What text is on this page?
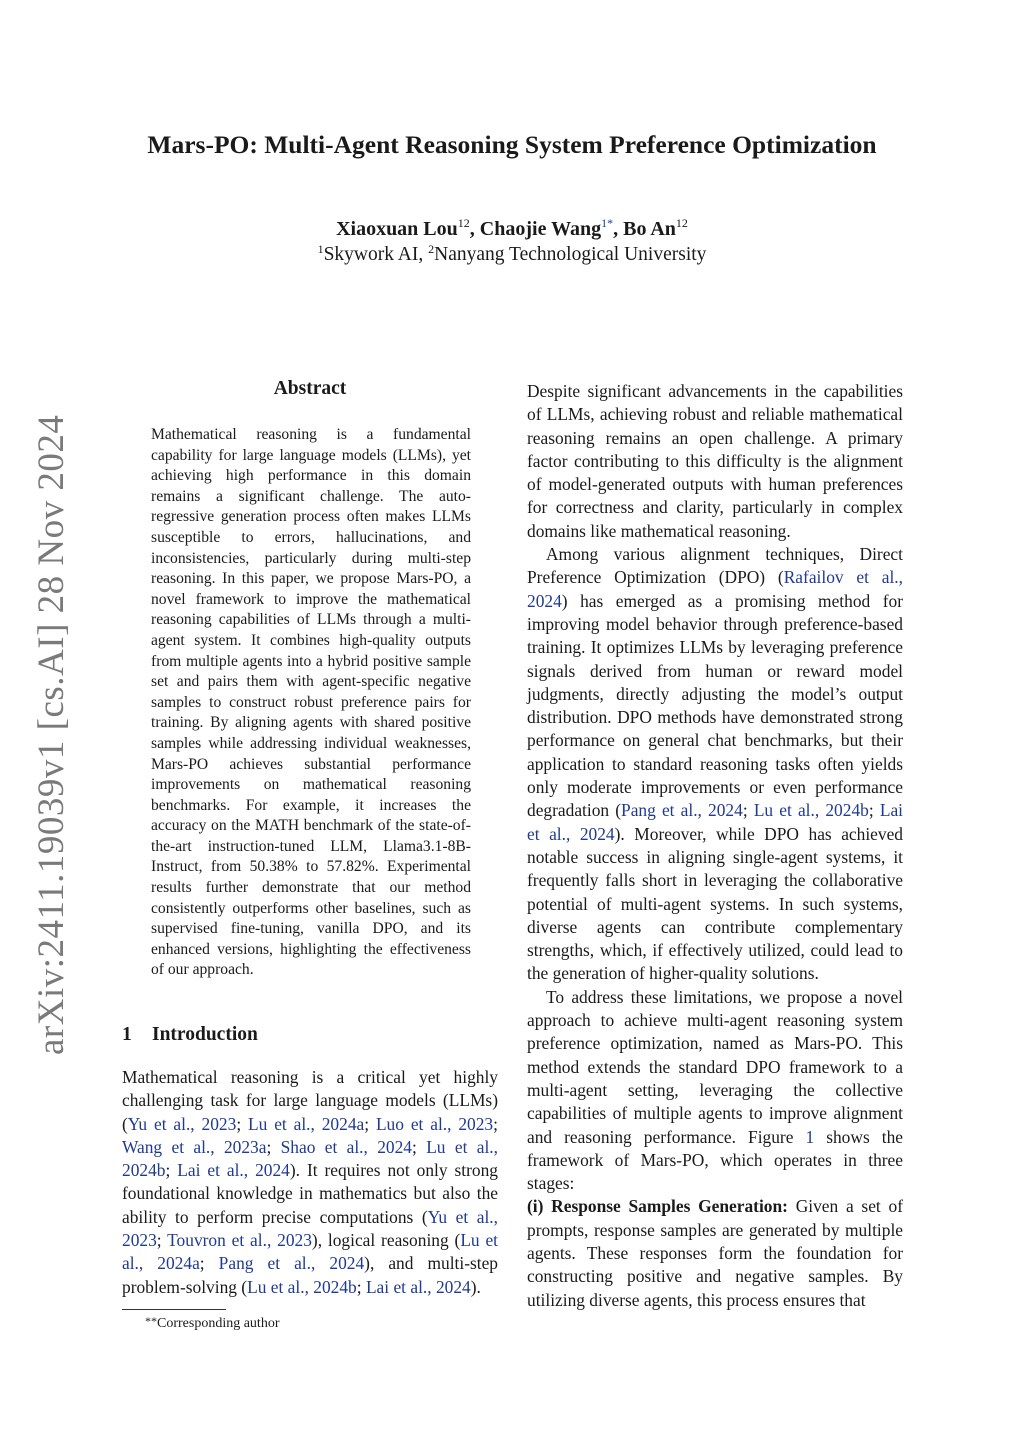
arXiv:2411.19039v1 [cs.AI] 28 Nov 2024
Mars-PO: Multi-Agent Reasoning System Preference Optimization
Xiaoxuan Lou$^{12}$, Chaojie Wang$^{1*}$, Bo An$^{12}$
$^1$Skywork AI, $^2$Nanyang Technological University
Abstract
Mathematical reasoning is a fundamental capability for large language models (LLMs), yet achieving high performance in this domain remains a significant challenge. The auto-regressive generation process often makes LLMs susceptible to errors, hallucinations, and inconsistencies, particularly during multi-step reasoning. In this paper, we propose Mars-PO, a novel framework to improve the mathematical reasoning capabilities of LLMs through a multi-agent system. It combines high-quality outputs from multiple agents into a hybrid positive sample set and pairs them with agent-specific negative samples to construct robust preference pairs for training. By aligning agents with shared positive samples while addressing individual weaknesses, Mars-PO achieves substantial performance improvements on mathematical reasoning benchmarks. For example, it increases the accuracy on the MATH benchmark of the state-of-the-art instruction-tuned LLM, Llama3.1-8B-Instruct, from 50.38% to 57.82%. Experimental results further demonstrate that our method consistently outperforms other baselines, such as supervised fine-tuning, vanilla DPO, and its enhanced versions, highlighting the effectiveness of our approach.
1 Introduction
Mathematical reasoning is a critical yet highly challenging task for large language models (LLMs) (Yu et al., 2023; Lu et al., 2024a; Luo et al., 2023; Wang et al., 2023a; Shao et al., 2024; Lu et al., 2024b; Lai et al., 2024). It requires not only strong foundational knowledge in mathematics but also the ability to perform precise computations (Yu et al., 2023; Touvron et al., 2023), logical reasoning (Lu et al., 2024a; Pang et al., 2024), and multi-step problem-solving (Lu et al., 2024b; Lai et al., 2024).
**Corresponding author

Despite significant advancements in the capabilities of LLMs, achieving robust and reliable mathematical reasoning remains an open challenge. A primary factor contributing to this difficulty is the alignment of model-generated outputs with human preferences for correctness and clarity, particularly in complex domains like mathematical reasoning.

Among various alignment techniques, Direct Preference Optimization (DPO) (Rafailov et al., 2024) has emerged as a promising method for improving model behavior through preference-based training. It optimizes LLMs by leveraging preference signals derived from human or reward model judgments, directly adjusting the model’s output distribution. DPO methods have demonstrated strong performance on general chat benchmarks, but their application to standard reasoning tasks often yields only moderate improvements or even performance degradation (Pang et al., 2024; Lu et al., 2024b; Lai et al., 2024). Moreover, while DPO has achieved notable success in aligning single-agent systems, it frequently falls short in leveraging the collaborative potential of multi-agent systems. In such systems, diverse agents can contribute complementary strengths, which, if effectively utilized, could lead to the generation of higher-quality solutions.

To address these limitations, we propose a novel approach to achieve multi-agent reasoning system preference optimization, named as Mars-PO. This method extends the standard DPO framework to a multi-agent setting, leveraging the collective capabilities of multiple agents to improve alignment and reasoning performance. Figure 1 shows the framework of Mars-PO, which operates in three stages:

(i) Response Samples Generation: Given a set of prompts, response samples are generated by multiple agents. These responses form the foundation for constructing positive and negative samples. By utilizing diverse agents, this process ensures that
